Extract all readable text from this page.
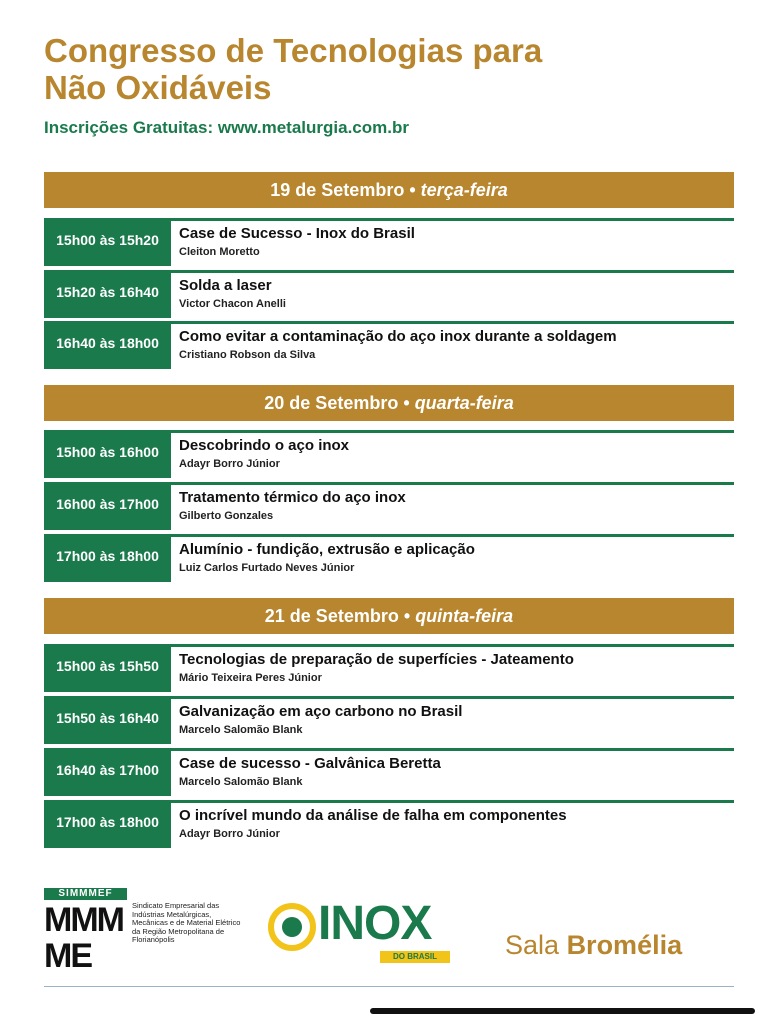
Congresso de Tecnologias para
Não Oxidáveis
Inscrições Gratuitas: www.metalurgia.com.br
19 de Setembro • terça-feira
15h00 às 15h20	Case de Sucesso - Inox do Brasil
Cleiton Moretto
15h20 às 16h40	Solda a laser
Victor Chacon Anelli
16h40 às 18h00	Como evitar a contaminação do aço inox durante a soldagem
Cristiano Robson da Silva
20 de Setembro • quarta-feira
15h00 às 16h00	Descobrindo o aço inox
Adayr Borro Júnior
16h00 às 17h00	Tratamento térmico do aço inox
Gilberto Gonzales
17h00 às 18h00	Alumínio - fundição, extrusão e aplicação
Luiz Carlos Furtado Neves Júnior
21 de Setembro • quinta-feira
15h00 às 15h50	Tecnologias de preparação de superfícies - Jateamento
Mário Teixeira Peres Júnior
15h50 às 16h40	Galvanização em aço carbono no Brasil
Marcelo Salomão Blank
16h40 às 17h00	Case de sucesso - Galvânica Beretta
Marcelo Salomão Blank
17h00 às 18h00	O incrível mundo da análise de falha em componentes
Adayr Borro Júnior
SIMMMEF
MMM
ME
Sindicato Empresarial das Indústrias Metalúrgicas, Mecânicas e de Material Elétrico da Região Metropolitana de Florianópolis	INOX
DO BRASIL	Sala Bromélia
